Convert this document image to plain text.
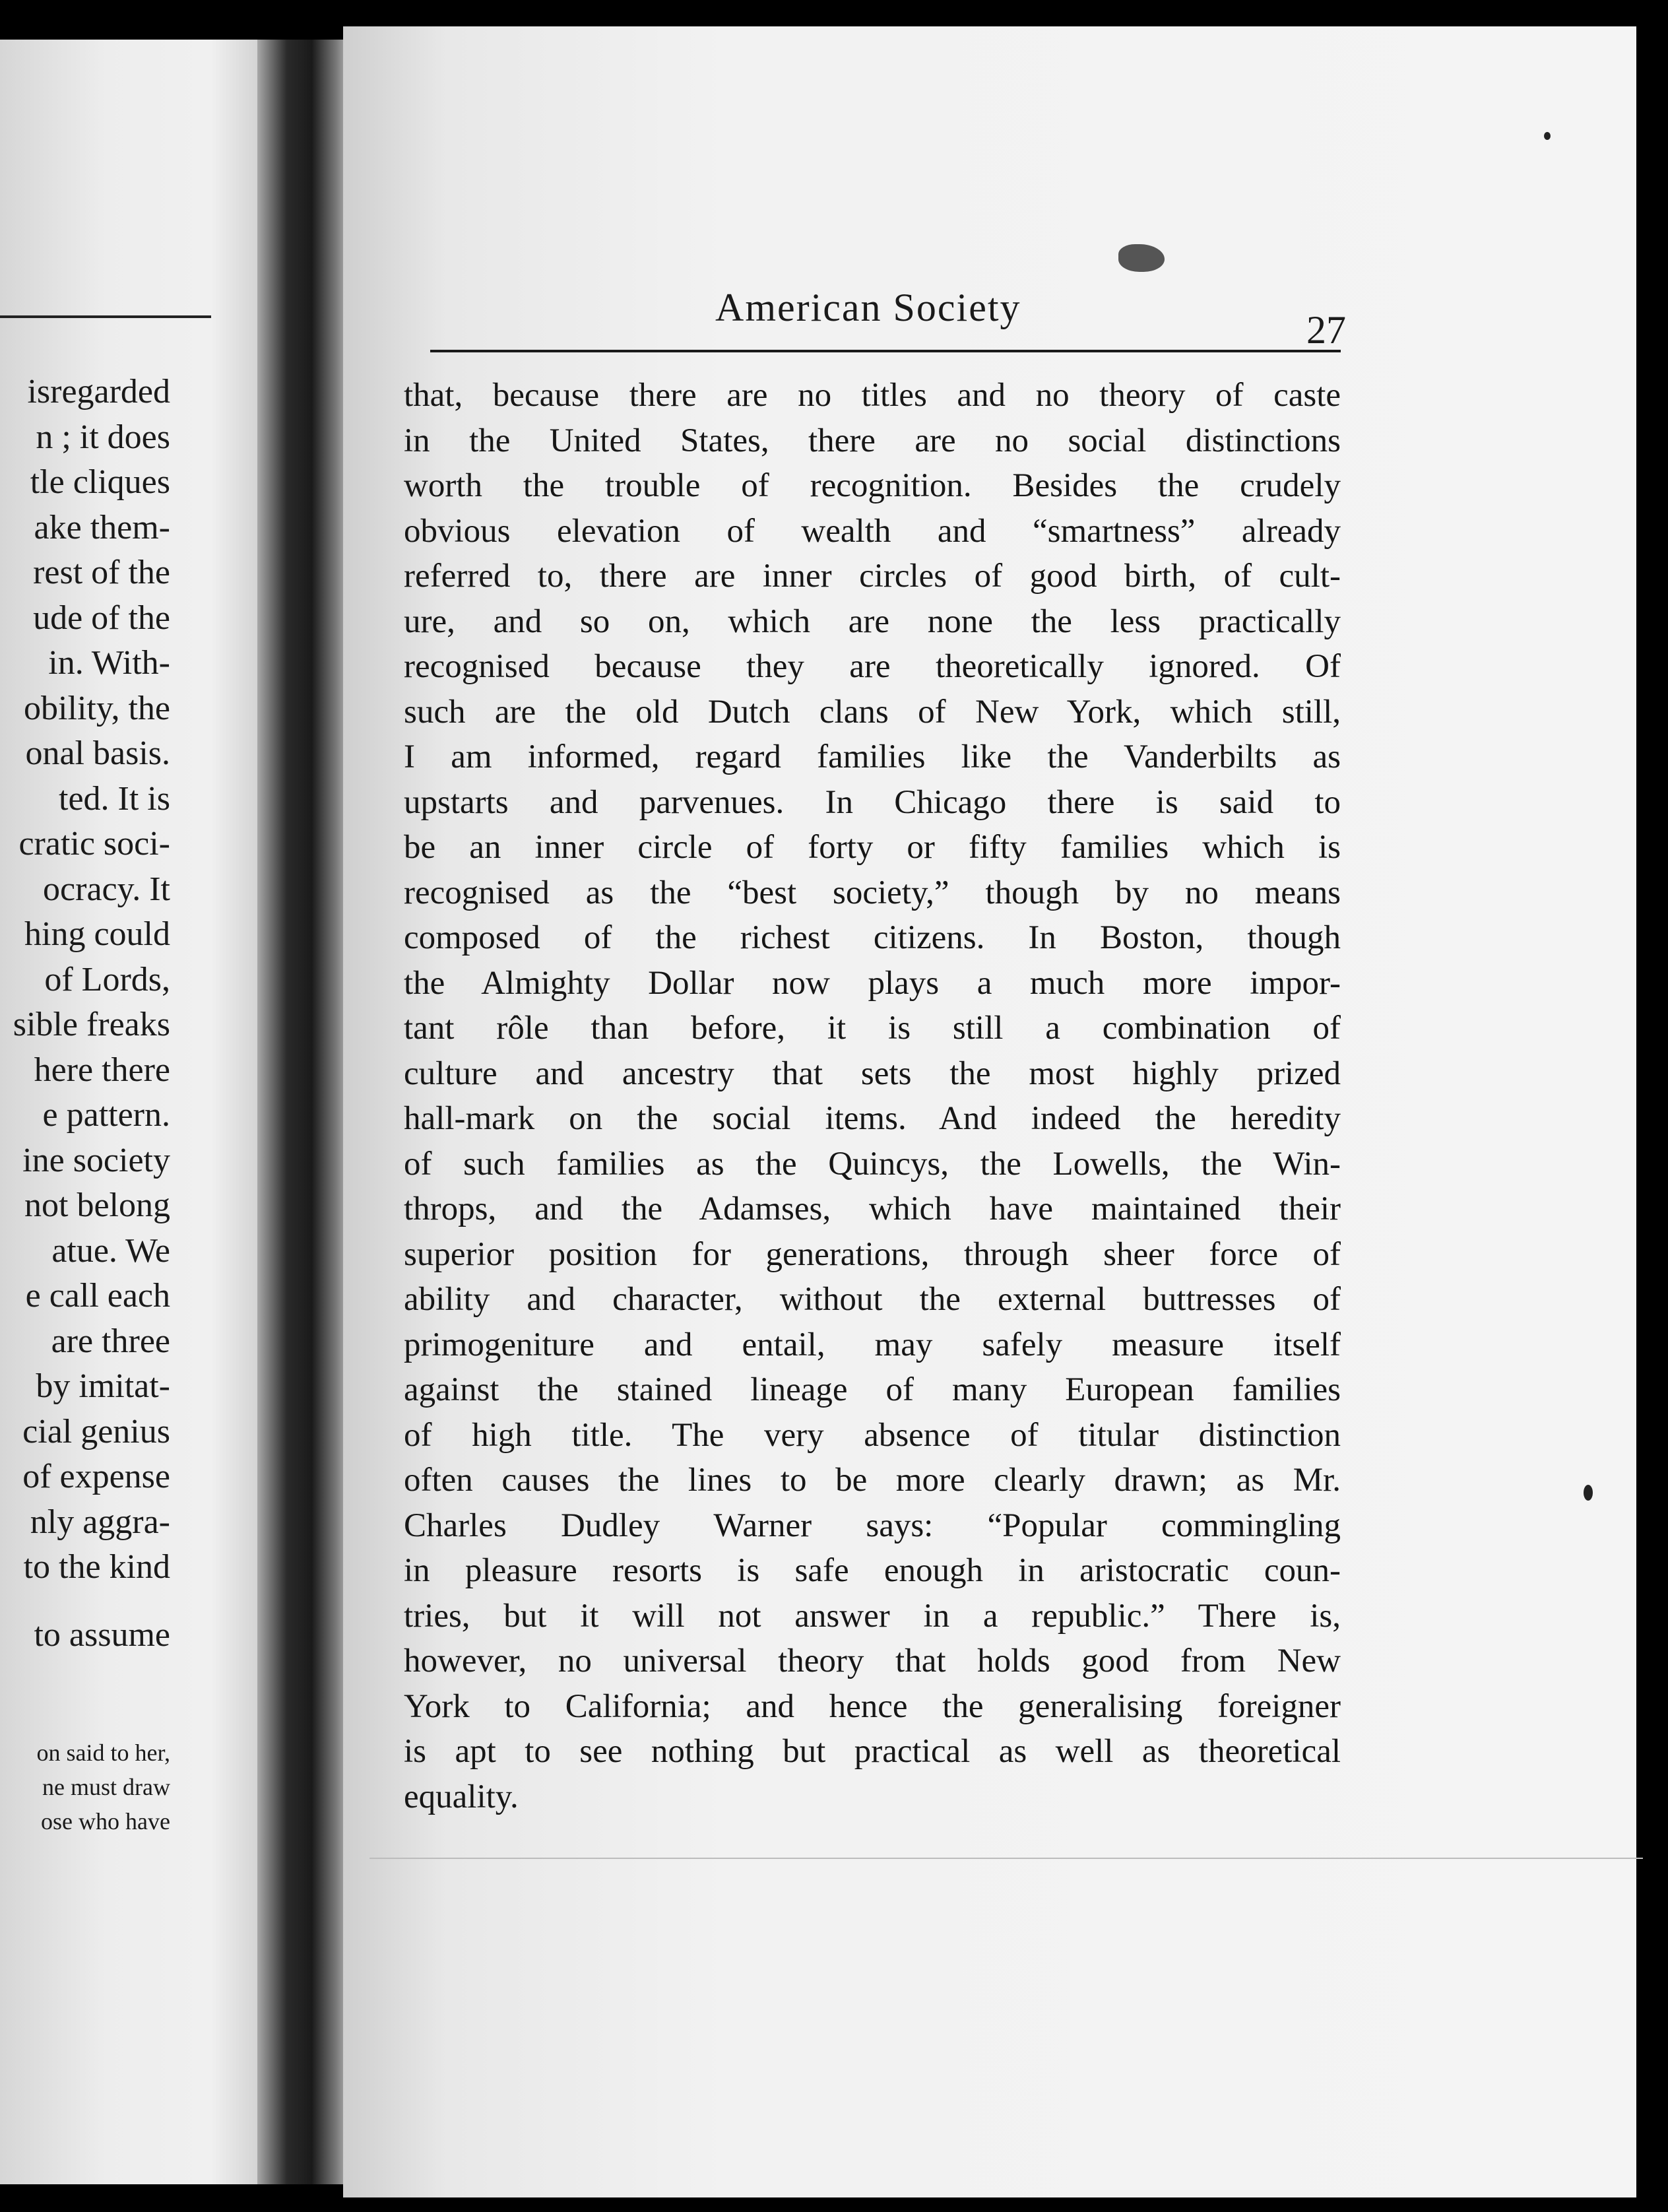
isregarded
n ; it does
tle cliques
ake them-
rest of the
ude of the
in. With-
obility, the
onal basis.
ted. It is
cratic soci-
ocracy. It
hing could
of Lords,
sible freaks
here there
e pattern.
ine society
not belong
atue. We
e call each
are three
by imitat-
cial genius
of expense
nly aggra-
to the kind
to assume
on said to her,
ne must draw
ose who have
American Society
27
that, because there are no titles and no theory of caste
in the United States, there are no social distinctions
worth the trouble of recognition. Besides the crudely
obvious elevation of wealth and “smartness” already
referred to, there are inner circles of good birth, of cult-
ure, and so on, which are none the less practically
recognised because they are theoretically ignored. Of
such are the old Dutch clans of New York, which still,
I am informed, regard families like the Vanderbilts as
upstarts and parvenues. In Chicago there is said to
be an inner circle of forty or fifty families which is
recognised as the “best society,” though by no means
composed of the richest citizens. In Boston, though
the Almighty Dollar now plays a much more impor-
tant rôle than before, it is still a combination of
culture and ancestry that sets the most highly prized
hall-mark on the social items. And indeed the heredity
of such families as the Quincys, the Lowells, the Win-
throps, and the Adamses, which have maintained their
superior position for generations, through sheer force of
ability and character, without the external buttresses of
primogeniture and entail, may safely measure itself
against the stained lineage of many European families
of high title. The very absence of titular distinction
often causes the lines to be more clearly drawn; as Mr.
Charles Dudley Warner says: “Popular commingling
in pleasure resorts is safe enough in aristocratic coun-
tries, but it will not answer in a republic.” There is,
however, no universal theory that holds good from New
York to California; and hence the generalising foreigner
is apt to see nothing but practical as well as theoretical
equality.
